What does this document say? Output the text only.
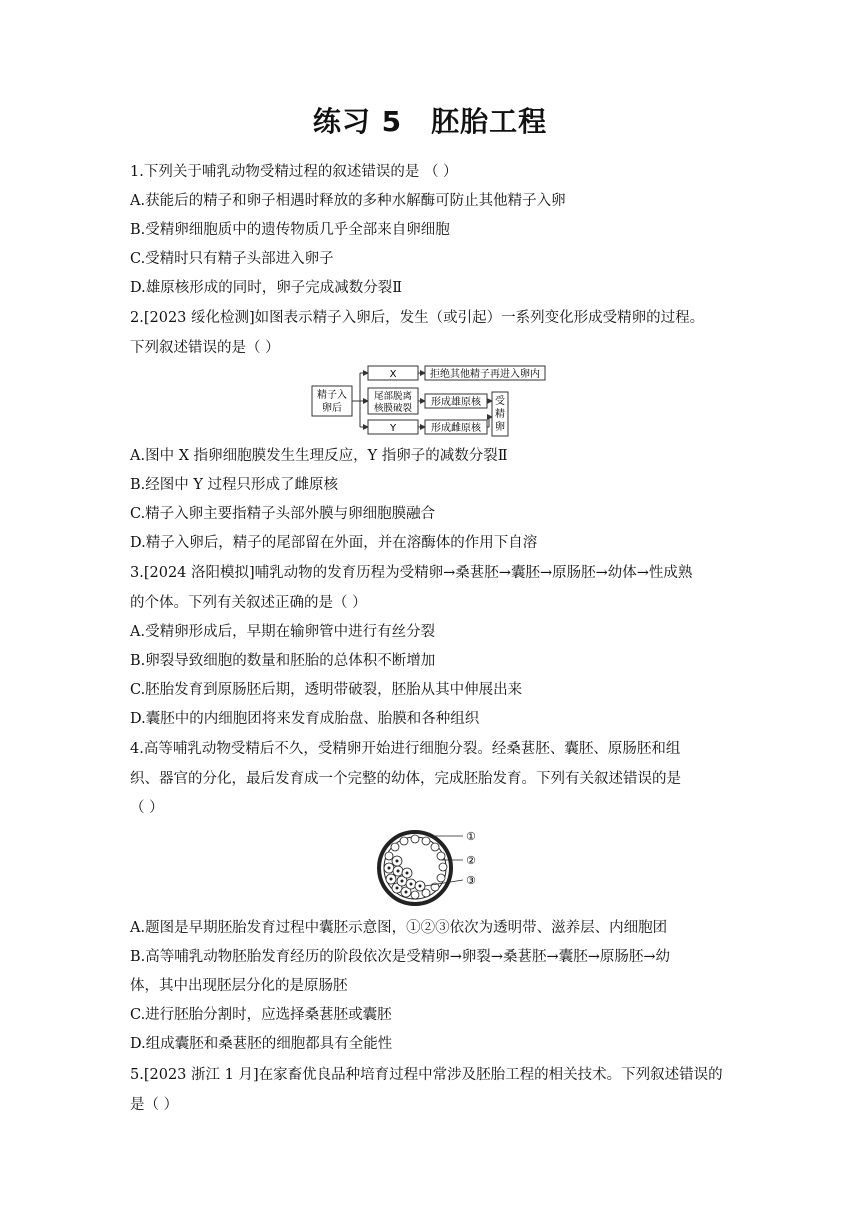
练习 5　胚胎工程
1.下列关于哺乳动物受精过程的叙述错误的是 （ ）
A.获能后的精子和卵子相遇时释放的多种水解酶可防止其他精子入卵
B.受精卵细胞质中的遗传物质几乎全部来自卵细胞
C.受精时只有精子头部进入卵子
D.雄原核形成的同时，卵子完成减数分裂Ⅱ
2.[2023 绥化检测]如图表示精子入卵后，发生（或引起）一系列变化形成受精卵的过程。
下列叙述错误的是（ ）
精子入
卵后
X	拒绝其他精子再进入卵内
尾部脱离
核膜破裂
形成雄原核
Y	形成雌原核
受
精
卵
A.图中 X 指卵细胞膜发生生理反应，Y 指卵子的减数分裂Ⅱ
B.经图中 Y 过程只形成了雌原核
C.精子入卵主要指精子头部外膜与卵细胞膜融合
D.精子入卵后，精子的尾部留在外面，并在溶酶体的作用下自溶
3.[2024 洛阳模拟]哺乳动物的发育历程为受精卵→桑葚胚→囊胚→原肠胚→幼体→性成熟
的个体。下列有关叙述正确的是（ ）
A.受精卵形成后，早期在输卵管中进行有丝分裂
B.卵裂导致细胞的数量和胚胎的总体积不断增加
C.胚胎发育到原肠胚后期，透明带破裂，胚胎从其中伸展出来
D.囊胚中的内细胞团将来发育成胎盘、胎膜和各种组织
4.高等哺乳动物受精后不久，受精卵开始进行细胞分裂。经桑葚胚、囊胚、原肠胚和组
织、器官的分化，最后发育成一个完整的幼体，完成胚胎发育。下列有关叙述错误的是
（ ）
①
②
③
A.题图是早期胚胎发育过程中囊胚示意图，①②③依次为透明带、滋养层、内细胞团
B.高等哺乳动物胚胎发育经历的阶段依次是受精卵→卵裂→桑葚胚→囊胚→原肠胚→幼
体，其中出现胚层分化的是原肠胚
C.进行胚胎分割时，应选择桑葚胚或囊胚
D.组成囊胚和桑葚胚的细胞都具有全能性
5.[2023 浙江 1 月]在家畜优良品种培育过程中常涉及胚胎工程的相关技术。下列叙述错误的
是（ ）
